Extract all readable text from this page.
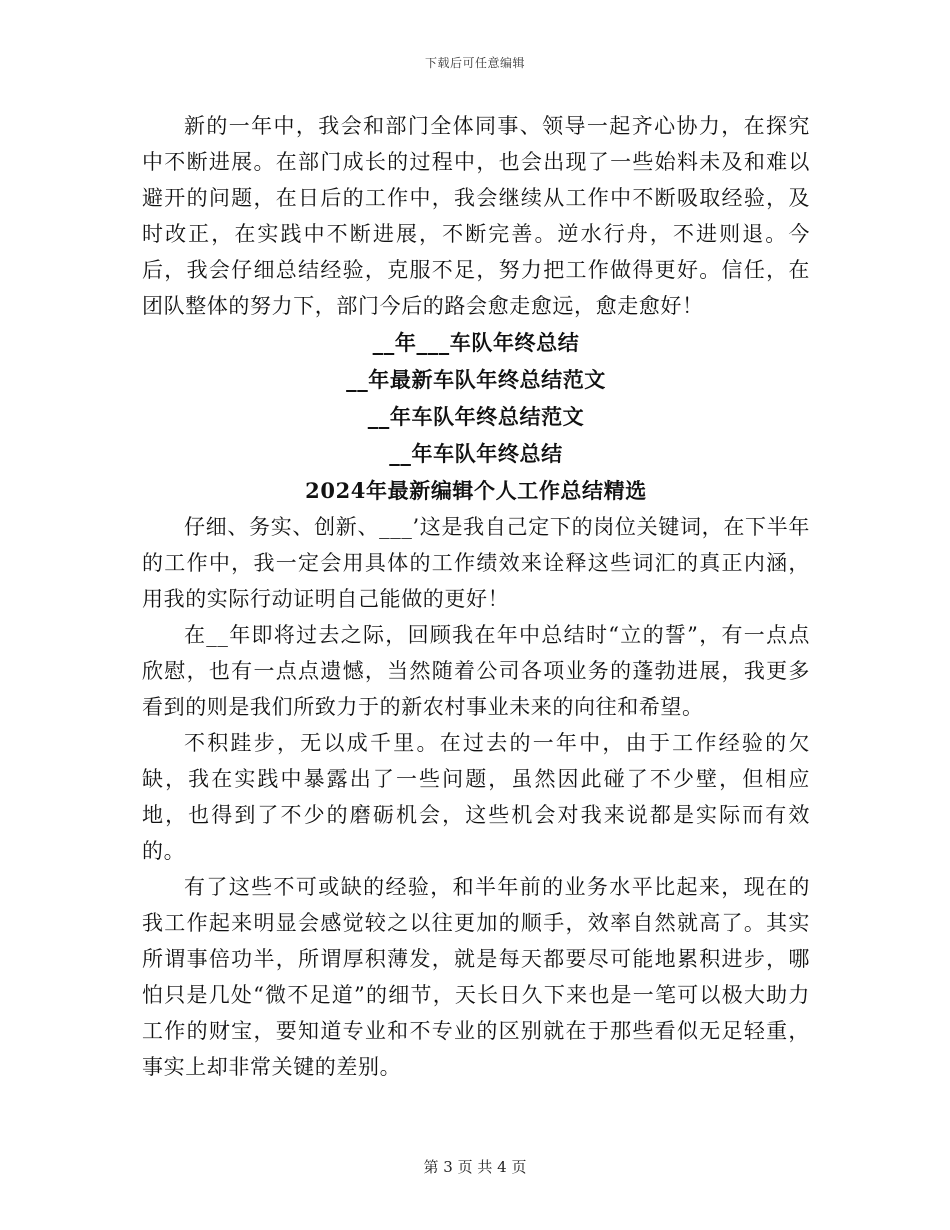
下载后可任意编辑

新的一年中，我会和部门全体同事、领导一起齐心协力，在探究中不断进展。在部门成长的过程中，也会出现了一些始料未及和难以避开的问题，在日后的工作中，我会继续从工作中不断吸取经验，及时改正，在实践中不断进展，不断完善。逆水行舟，不进则退。今后，我会仔细总结经验，克服不足，努力把工作做得更好。信任，在团队整体的努力下，部门今后的路会愈走愈远，愈走愈好！

__年___车队年终总结

__年最新车队年终总结范文

__年车队年终总结范文

__年车队年终总结

2024年最新编辑个人工作总结精选

仔细、务实、创新、___’这是我自己定下的岗位关键词，在下半年的工作中，我一定会用具体的工作绩效来诠释这些词汇的真正内涵，用我的实际行动证明自己能做的更好！

在__年即将过去之际，回顾我在年中总结时“立的誓”，有一点点欣慰，也有一点点遗憾，当然随着公司各项业务的蓬勃进展，我更多看到的则是我们所致力于的新农村事业未来的向往和希望。

不积跬步，无以成千里。在过去的一年中，由于工作经验的欠缺，我在实践中暴露出了一些问题，虽然因此碰了不少壁，但相应地，也得到了不少的磨砺机会，这些机会对我来说都是实际而有效的。

有了这些不可或缺的经验，和半年前的业务水平比起来，现在的我工作起来明显会感觉较之以往更加的顺手，效率自然就高了。其实所谓事倍功半，所谓厚积薄发，就是每天都要尽可能地累积进步，哪怕只是几处“微不足道”的细节，天长日久下来也是一笔可以极大助力工作的财宝，要知道专业和不专业的区别就在于那些看似无足轻重，事实上却非常关键的差别。

第 3 页 共 4 页
